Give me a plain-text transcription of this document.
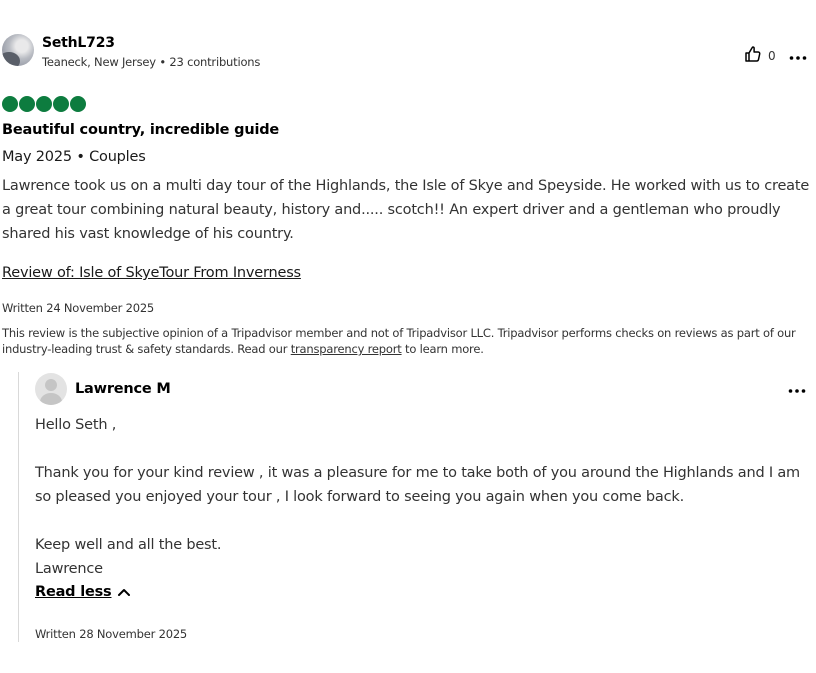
SethL723
Teaneck, New Jersey • 23 contributions	0
Beautiful country, incredible guide
May 2025 • Couples
Lawrence took us on a multi day tour of the Highlands, the Isle of Skye and Speyside. He worked with us to create a great tour combining natural beauty, history and..... scotch!! An expert driver and a gentleman who proudly shared his vast knowledge of his country.
Review of: Isle of SkyeTour From Inverness
Written 24 November 2025
This review is the subjective opinion of a Tripadvisor member and not of Tripadvisor LLC. Tripadvisor performs checks on reviews as part of our industry-leading trust & safety standards. Read our transparency report to learn more.
Lawrence M

Hello Seth ,

Thank you for your kind review , it was a pleasure for me to take both of you around the Highlands and I am so pleased you enjoyed your tour , I look forward to seeing you again when you come back.

Keep well and all the best.

Lawrence

Read less
Written 28 November 2025
